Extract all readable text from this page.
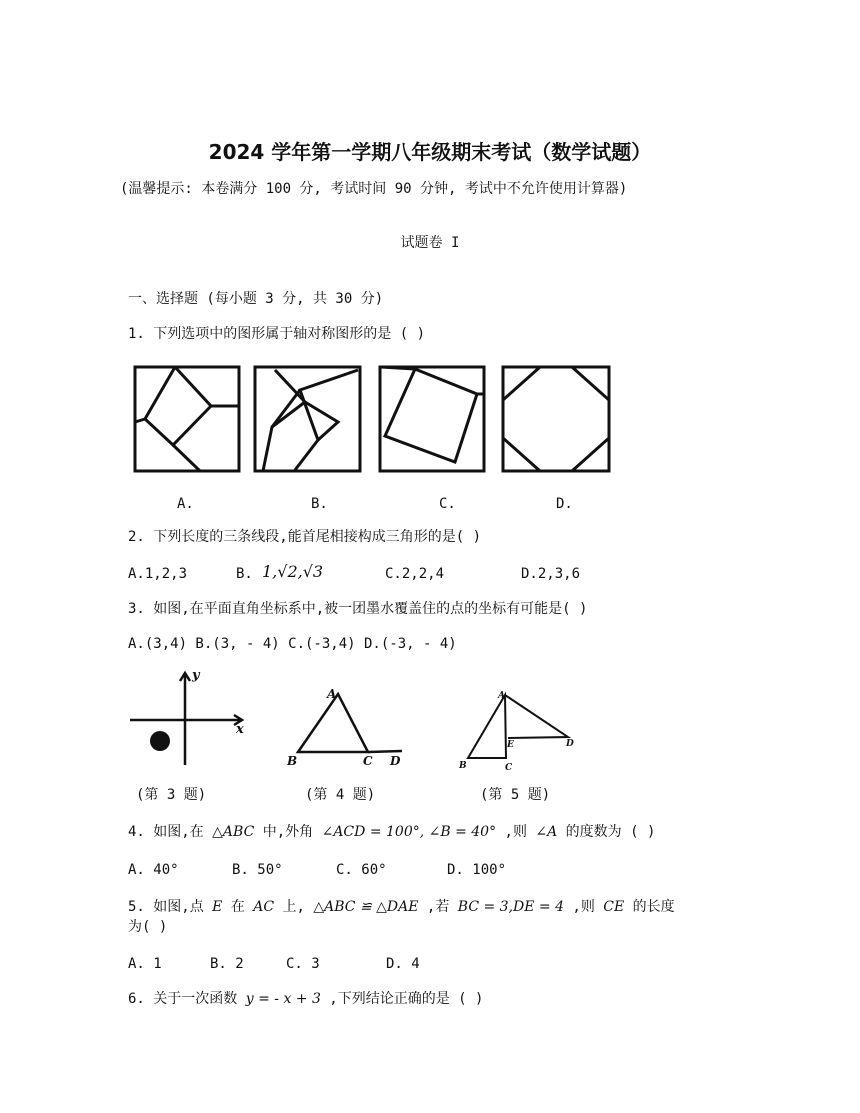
2024 学年第一学期八年级期末考试（数学试题）
(温馨提示: 本卷满分 100 分, 考试时间 90 分钟, 考试中不允许使用计算器)
试题卷 I
一、选择题 (每小题 3 分, 共 30 分)
1. 下列选项中的图形属于轴对称图形的是 ( )
A.	B.	C.	D.
2. 下列长度的三条线段,能首尾相接构成三角形的是( )
A.1,2,3	B. 1,√2,√3	C.2,2,4	D.2,3,6
3. 如图,在平面直角坐标系中,被一团墨水覆盖住的点的坐标有可能是( )
A.(3,4) B.(3, - 4) C.(-3,4) D.(-3, - 4)
y
x
A
B	C D
A
B	C
D
E
(第 3 题)	(第 4 题)	(第 5 题)
4. 如图,在 △ABC 中,外角 ∠ACD = 100°, ∠B = 40° ,则 ∠A 的度数为 ( )
A. 40°	B. 50°	C. 60°	D. 100°
5. 如图,点 E 在 AC 上, △ABC ≌ △DAE ,若 BC = 3,DE = 4 ,则 CE 的长度
为( )
A. 1	B. 2	C. 3	D. 4
6. 关于一次函数 y = - x + 3 ,下列结论正确的是 ( )
